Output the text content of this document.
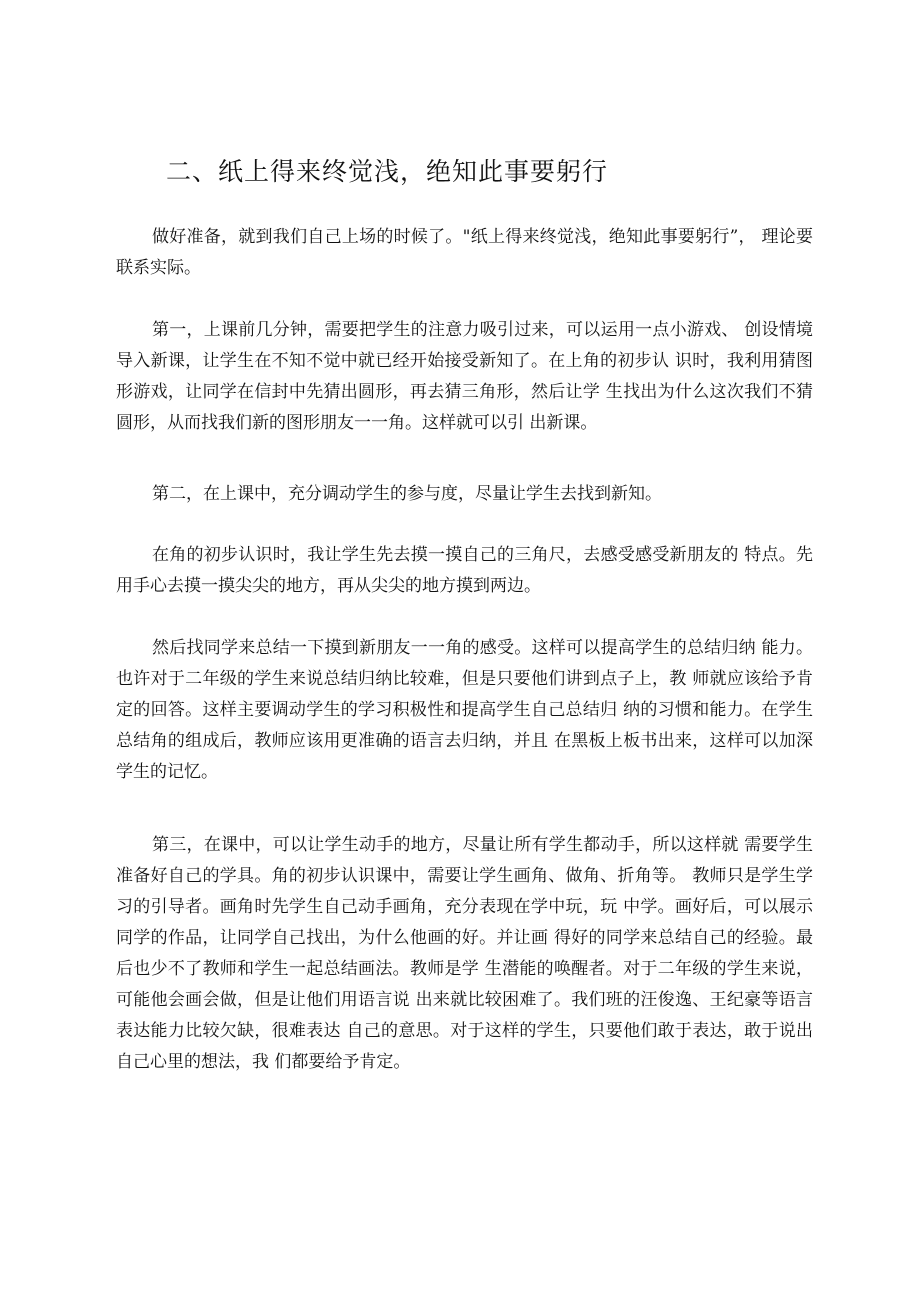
二、纸上得来终觉浅，绝知此事要躬行

做好准备，就到我们自己上场的时候了。"纸上得来终觉浅，绝知此事要躬行”， 理论要联系实际。

第一，上课前几分钟，需要把学生的注意力吸引过来，可以运用一点小游戏、 创设情境导入新课，让学生在不知不觉中就已经开始接受新知了。在上角的初步认 识时，我利用猜图形游戏，让同学在信封中先猜出圆形，再去猜三角形，然后让学 生找出为什么这次我们不猜圆形，从而找我们新的图形朋友一一角。这样就可以引 出新课。

第二，在上课中，充分调动学生的参与度，尽量让学生去找到新知。

在角的初步认识时，我让学生先去摸一摸自己的三角尺，去感受感受新朋友的 特点。先用手心去摸一摸尖尖的地方，再从尖尖的地方摸到两边。

然后找同学来总结一下摸到新朋友一一角的感受。这样可以提高学生的总结归纳 能力。也许对于二年级的学生来说总结归纳比较难，但是只要他们讲到点子上，教 师就应该给予肯定的回答。这样主要调动学生的学习积极性和提高学生自己总结归 纳的习惯和能力。在学生总结角的组成后，教师应该用更准确的语言去归纳，并且 在黑板上板书出来，这样可以加深学生的记忆。

第三，在课中，可以让学生动手的地方，尽量让所有学生都动手，所以这样就 需要学生准备好自己的学具。角的初步认识课中，需要让学生画角、做角、折角等。 教师只是学生学习的引导者。画角时先学生自己动手画角，充分表现在学中玩，玩 中学。画好后，可以展示同学的作品，让同学自己找出，为什么他画的好。并让画 得好的同学来总结自己的经验。最后也少不了教师和学生一起总结画法。教师是学 生潜能的唤醒者。对于二年级的学生来说，可能他会画会做，但是让他们用语言说 出来就比较困难了。我们班的汪俊逸、王纪豪等语言表达能力比较欠缺，很难表达 自己的意思。对于这样的学生，只要他们敢于表达，敢于说出自己心里的想法，我 们都要给予肯定。
